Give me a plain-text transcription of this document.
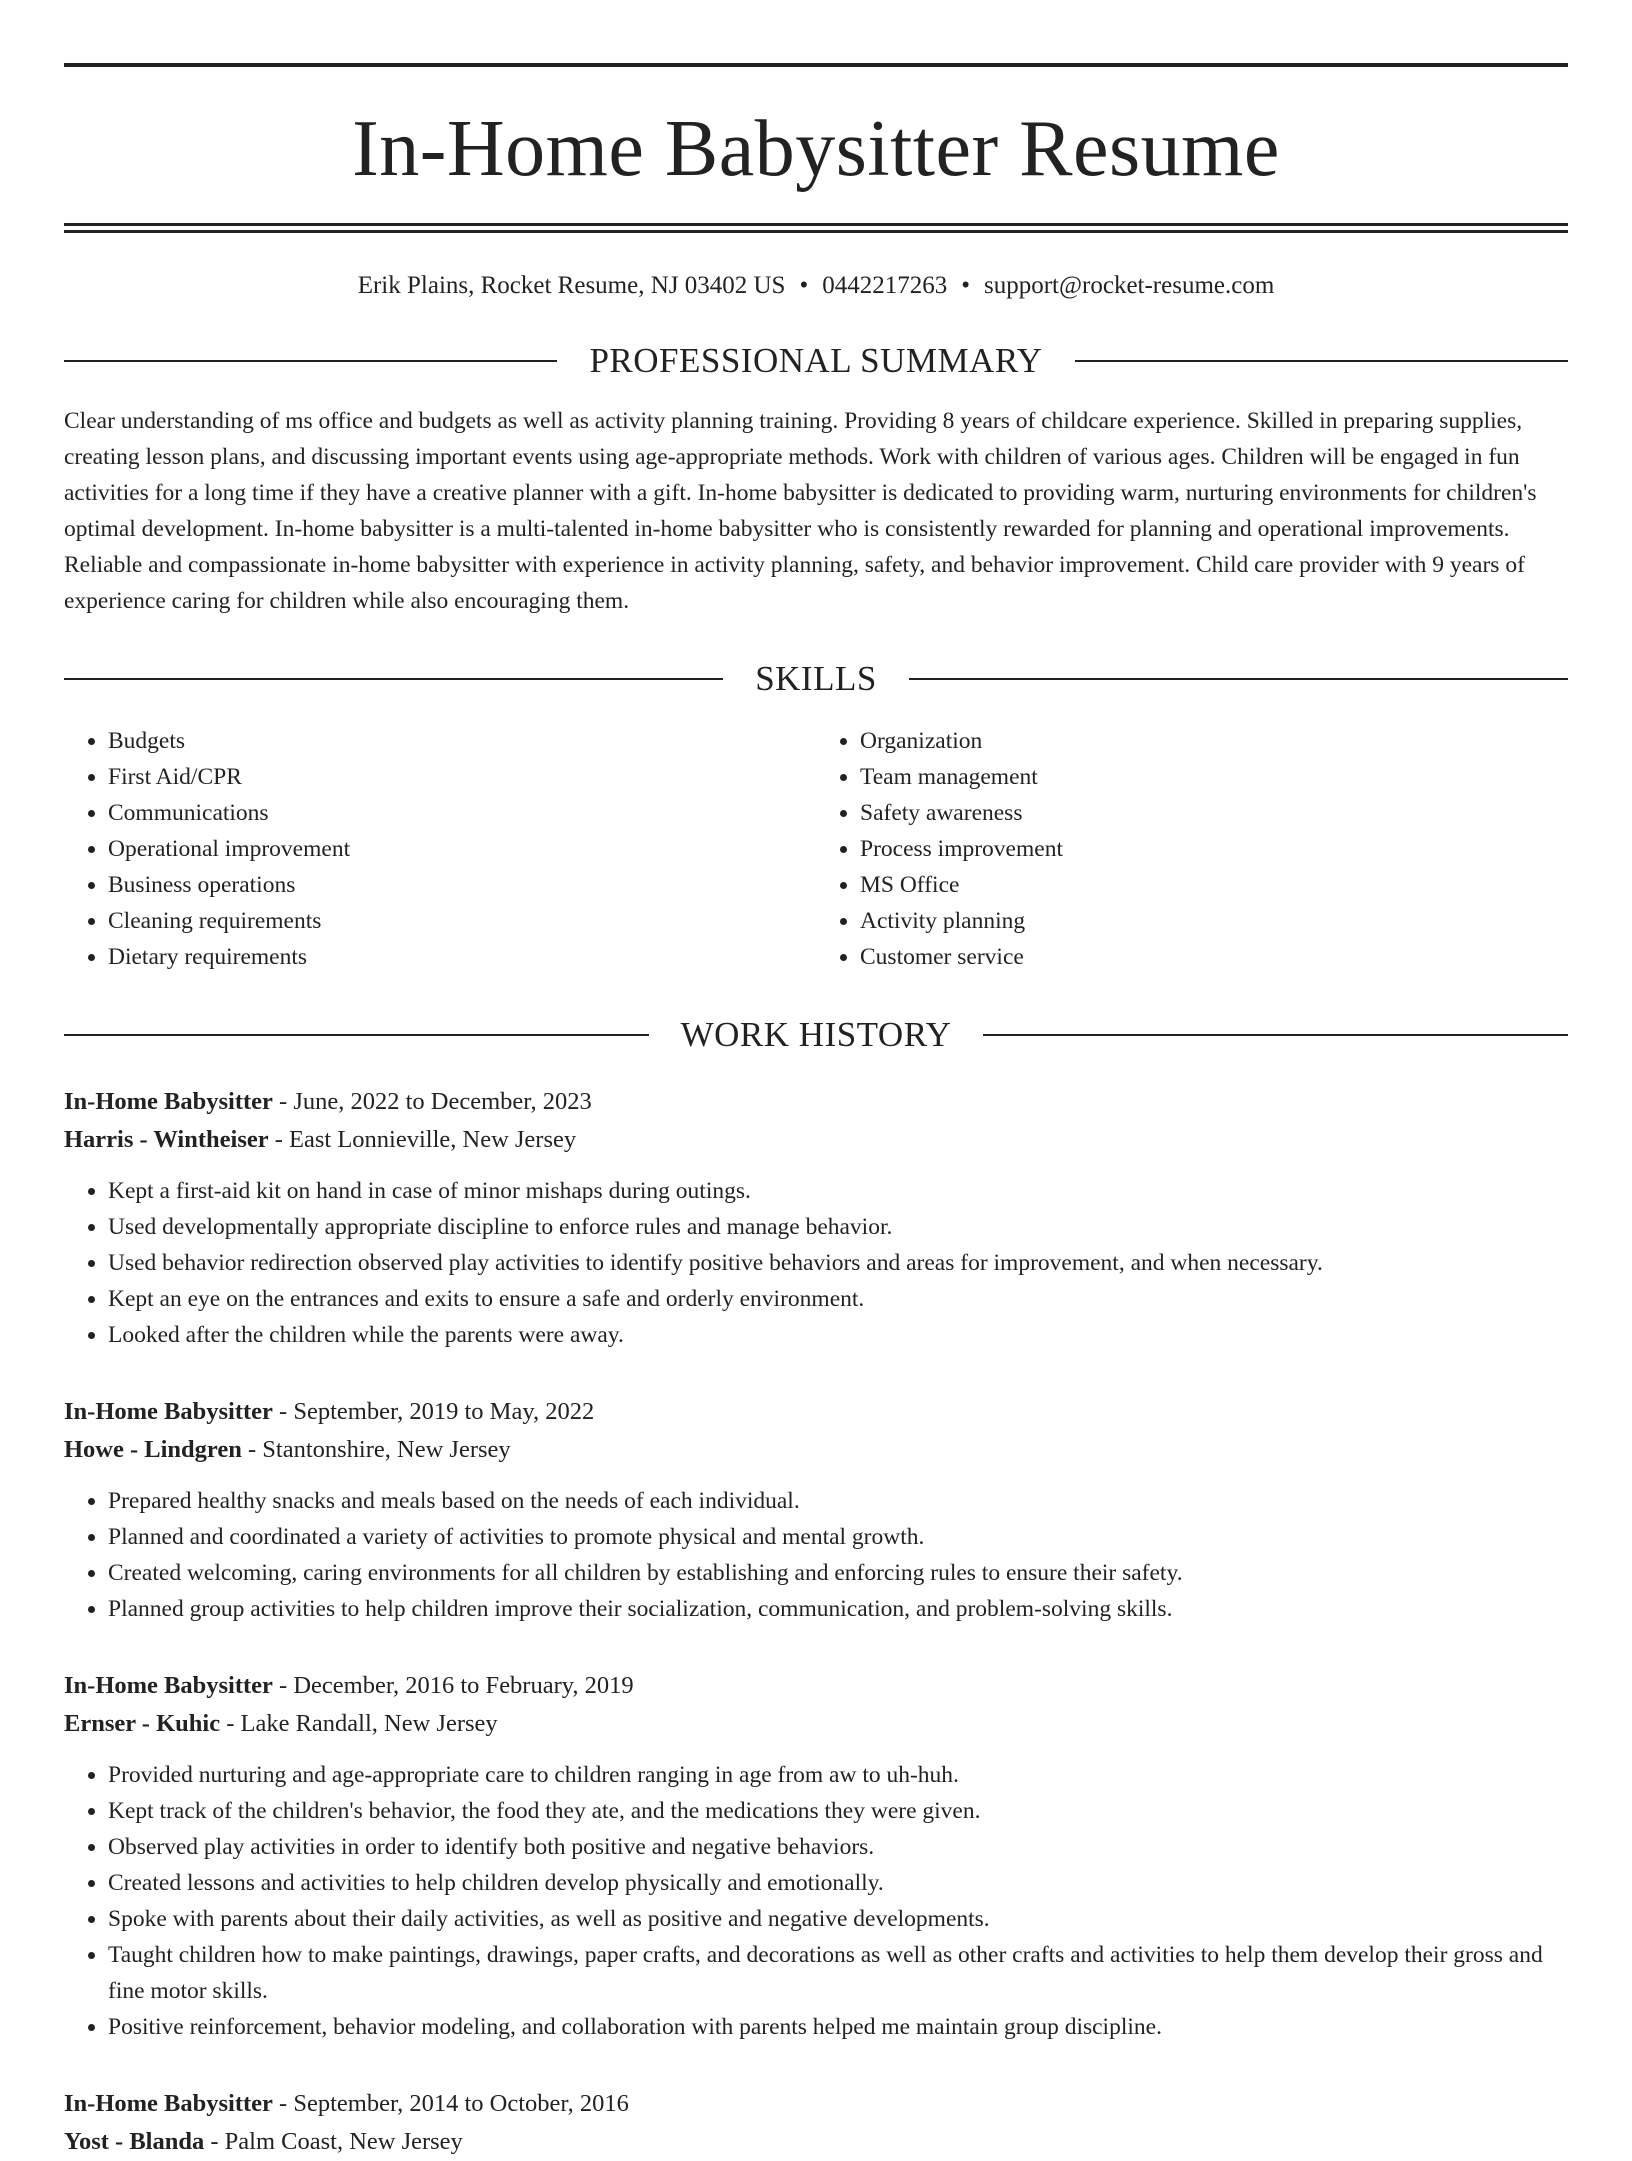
In-Home Babysitter Resume
Erik Plains, Rocket Resume, NJ 03402 US • 0442217263 • support@rocket-resume.com
PROFESSIONAL SUMMARY
Clear understanding of ms office and budgets as well as activity planning training. Providing 8 years of childcare experience. Skilled in preparing supplies, creating lesson plans, and discussing important events using age-appropriate methods. Work with children of various ages. Children will be engaged in fun activities for a long time if they have a creative planner with a gift. In-home babysitter is dedicated to providing warm, nurturing environments for children's optimal development. In-home babysitter is a multi-talented in-home babysitter who is consistently rewarded for planning and operational improvements. Reliable and compassionate in-home babysitter with experience in activity planning, safety, and behavior improvement. Child care provider with 9 years of experience caring for children while also encouraging them.
SKILLS
• Budgets
• First Aid/CPR
• Communications
• Operational improvement
• Business operations
• Cleaning requirements
• Dietary requirements
• Organization
• Team management
• Safety awareness
• Process improvement
• MS Office
• Activity planning
• Customer service
WORK HISTORY
In-Home Babysitter - June, 2022 to December, 2023
Harris - Wintheiser - East Lonnieville, New Jersey
• Kept a first-aid kit on hand in case of minor mishaps during outings.
• Used developmentally appropriate discipline to enforce rules and manage behavior.
• Used behavior redirection observed play activities to identify positive behaviors and areas for improvement, and when necessary.
• Kept an eye on the entrances and exits to ensure a safe and orderly environment.
• Looked after the children while the parents were away.
In-Home Babysitter - September, 2019 to May, 2022
Howe - Lindgren - Stantonshire, New Jersey
• Prepared healthy snacks and meals based on the needs of each individual.
• Planned and coordinated a variety of activities to promote physical and mental growth.
• Created welcoming, caring environments for all children by establishing and enforcing rules to ensure their safety.
• Planned group activities to help children improve their socialization, communication, and problem-solving skills.
In-Home Babysitter - December, 2016 to February, 2019
Ernser - Kuhic - Lake Randall, New Jersey
• Provided nurturing and age-appropriate care to children ranging in age from aw to uh-huh.
• Kept track of the children's behavior, the food they ate, and the medications they were given.
• Observed play activities in order to identify both positive and negative behaviors.
• Created lessons and activities to help children develop physically and emotionally.
• Spoke with parents about their daily activities, as well as positive and negative developments.
• Taught children how to make paintings, drawings, paper crafts, and decorations as well as other crafts and activities to help them develop their gross and fine motor skills.
• Positive reinforcement, behavior modeling, and collaboration with parents helped me maintain group discipline.
In-Home Babysitter - September, 2014 to October, 2016
Yost - Blanda - Palm Coast, New Jersey
